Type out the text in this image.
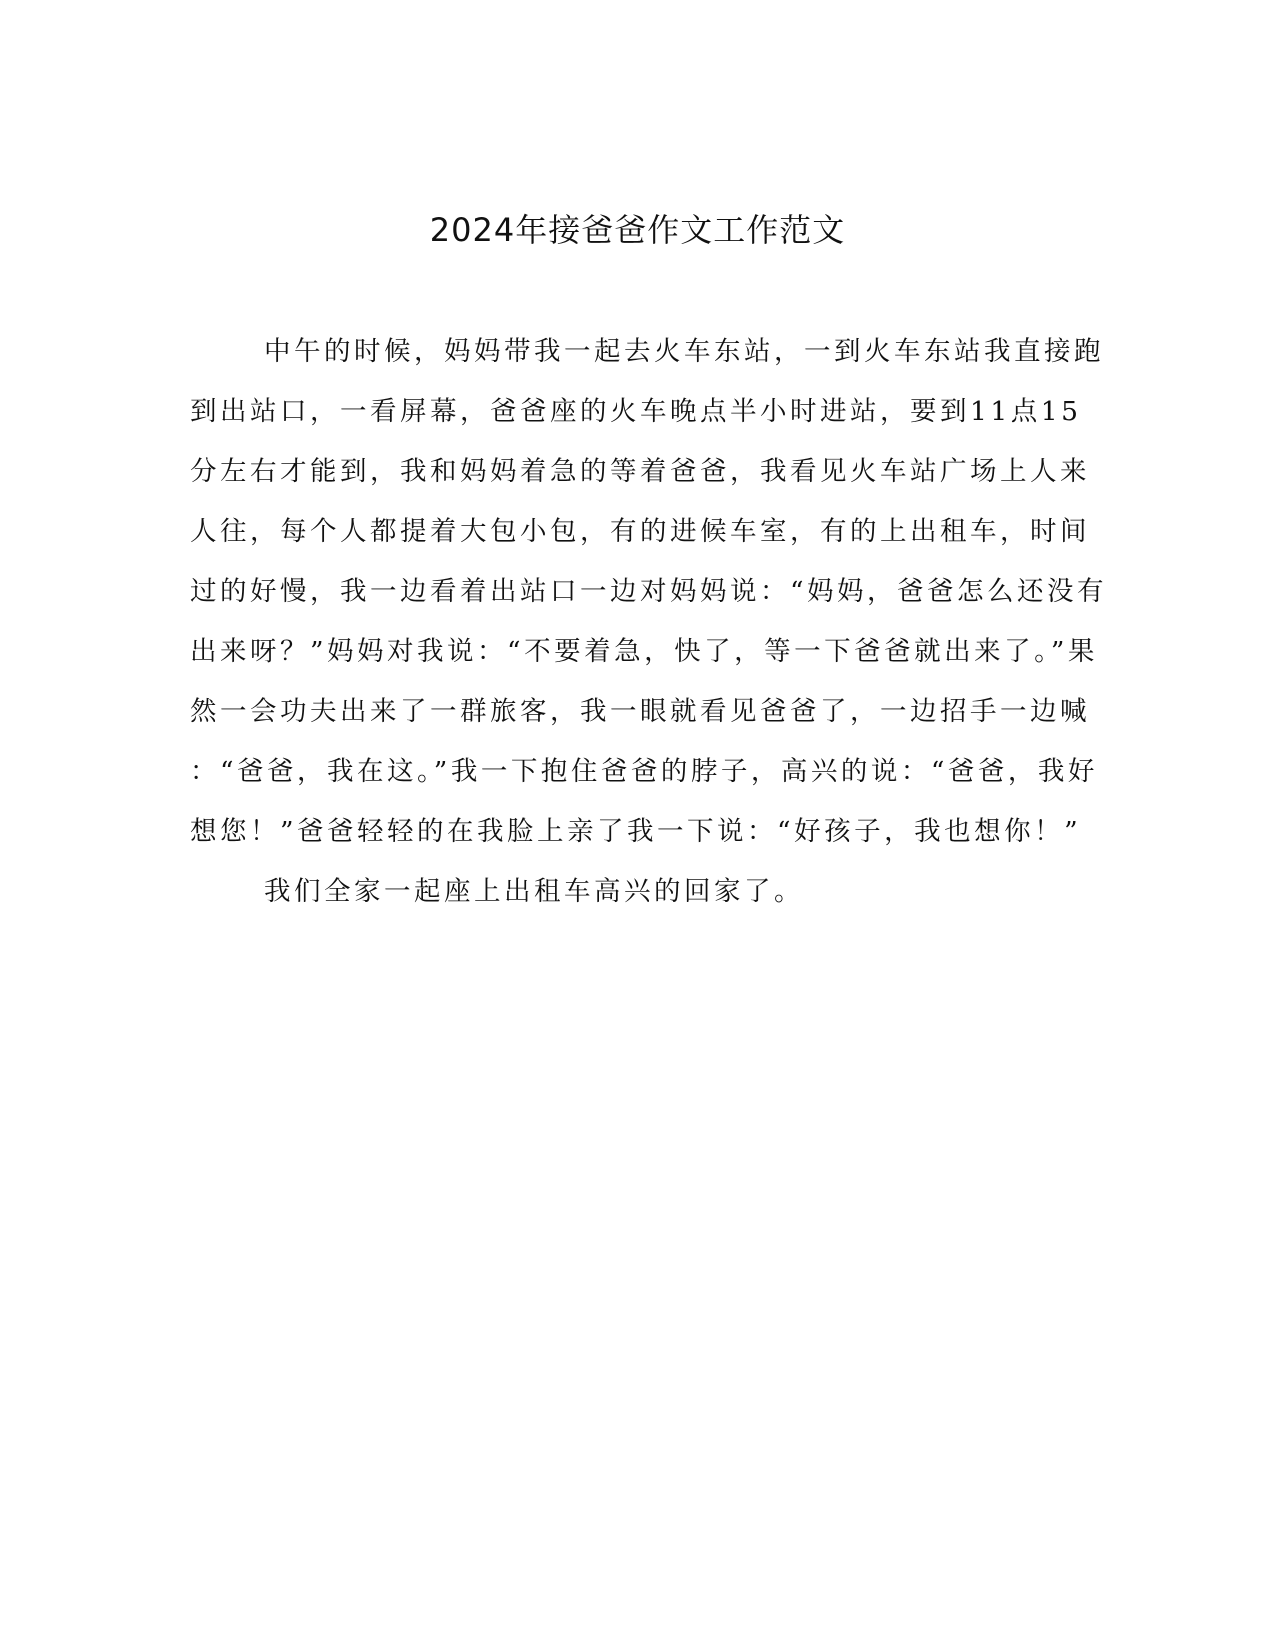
2024年接爸爸作文工作范文
中午的时候，妈妈带我一起去火车东站，一到火车东站我直接跑
到出站口，一看屏幕，爸爸座的火车晚点半小时进站，要到11点15
分左右才能到，我和妈妈着急的等着爸爸，我看见火车站广场上人来
人往，每个人都提着大包小包，有的进候车室，有的上出租车，时间
过的好慢，我一边看着出站口一边对妈妈说：“妈妈，爸爸怎么还没有
出来呀？”妈妈对我说：“不要着急，快了，等一下爸爸就出来了。”果
然一会功夫出来了一群旅客，我一眼就看见爸爸了，一边招手一边喊
：“爸爸，我在这。”我一下抱住爸爸的脖子，高兴的说：“爸爸，我好
想您！”爸爸轻轻的在我脸上亲了我一下说：“好孩子，我也想你！”
我们全家一起座上出租车高兴的回家了。
